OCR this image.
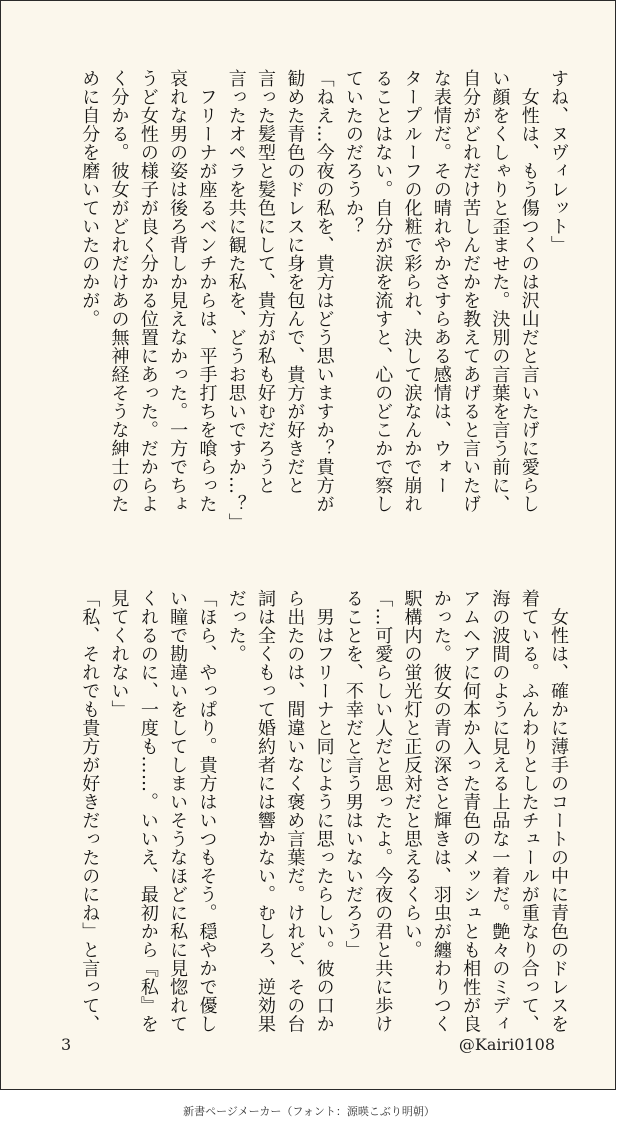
すね、ヌヴィレット」
　女性は、もう傷つくのは沢山だと言いたげに愛らし
い顔をくしゃりと歪ませた。決別の言葉を言う前に、
自分がどれだけ苦しんだかを教えてあげると言いたげ
な表情だ。その晴れやかさすらある感情は、ウォー
タープルーフの化粧で彩られ、決して涙なんかで崩れ
ることはない。自分が涙を流すと、心のどこかで察し
ていたのだろうか？
「ねえ…今夜の私を、貴方はどう思いますか？貴方が
勧めた青色のドレスに身を包んで、貴方が好きだと
言った髪型と髪色にして、貴方が私も好むだろうと
言ったオペラを共に観た私を、どうお思いですか…？」
　フリーナが座るベンチからは、平手打ちを喰らった
哀れな男の姿は後ろ背しか見えなかった。一方でちょ
うど女性の様子が良く分かる位置にあった。だからよ
く分かる。彼女がどれだけあの無神経そうな紳士のた
めに自分を磨いていたのかが。
　女性は、確かに薄手のコートの中に青色のドレスを
着ている。ふんわりとしたチュールが重なり合って、
海の波間のように見える上品な一着だ。艶々のミディ
アムヘアに何本か入った青色のメッシュとも相性が良
かった。彼女の青の深さと輝きは、羽虫が纏わりつく
駅構内の蛍光灯と正反対だと思えるくらい。
「…可愛らしい人だと思ったよ。今夜の君と共に歩け
ることを、不幸だと言う男はいないだろう」
　男はフリーナと同じように思ったらしい。彼の口か
ら出たのは、間違いなく褒め言葉だ。けれど、その台
詞は全くもって婚約者には響かない。むしろ、逆効果
だった。
「ほら、やっぱり。貴方はいつもそう。穏やかで優し
い瞳で勘違いをしてしまいそうなほどに私に見惚れて
くれるのに、一度も……。いいえ、最初から『私』を
見てくれない」
「私、それでも貴方が好きだったのにね」と言って、
3	@Kairi0108
新書ページメーカー（フォント：源暎こぶり明朝）
